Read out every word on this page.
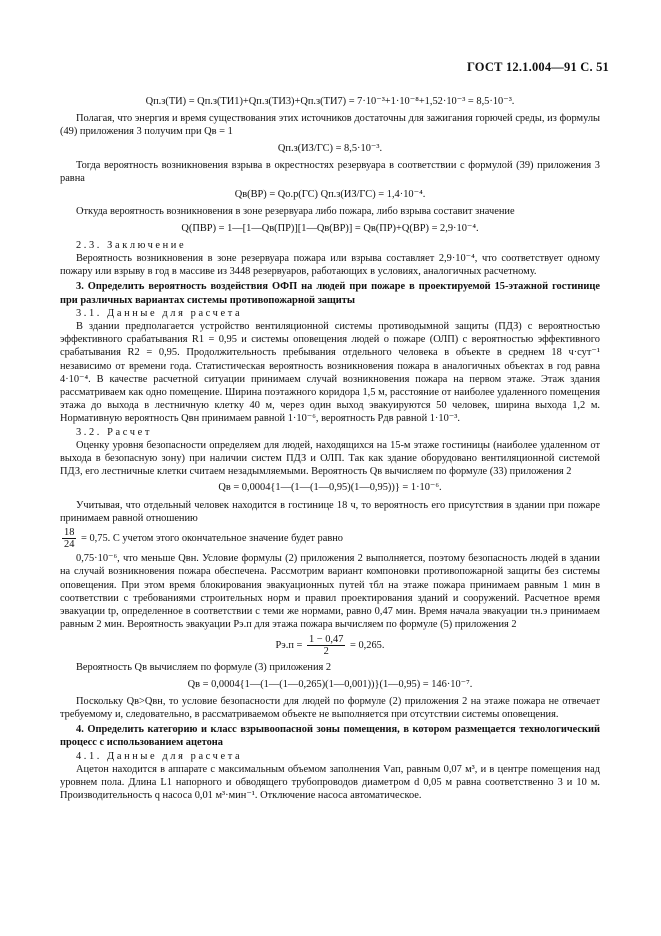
ГОСТ 12.1.004—91 С. 51

Qп.з(ТИ) = Qп.з(ТИ1)+Qп.з(ТИ3)+Qп.з(ТИ7) = 7·10⁻³+1·10⁻⁸+1,52·10⁻³ = 8,5·10⁻³.

Полагая, что энергия и время существования этих источников достаточны для зажигания горючей среды, из формулы (49) приложения 3 получим при Qв = 1

Qп.з(ИЗ/ГС) = 8,5·10⁻³.

Тогда вероятность возникновения взрыва в окрестностях резервуара в соответствии с формулой (39) приложения 3 равна

Qв(ВР) = Qо.р(ГС) Qп.з(ИЗ/ГС) = 1,4·10⁻⁴.

Откуда вероятность возникновения в зоне резервуара либо пожара, либо взрыва составит значение

Q(ПВР) = 1—[1—Qв(ПР)][1—Qв(ВР)] = Qв(ПР)+Q(ВР) = 2,9·10⁻⁴.

2.3. Заключение

Вероятность возникновения в зоне резервуара пожара или взрыва составляет 2,9·10⁻⁴, что соответствует одному пожару или взрыву в год в массиве из 3448 резервуаров, работающих в условиях, аналогичных расчетному.

3. Определить вероятность воздействия ОФП на людей при пожаре в проектируемой 15-этажной гостинице при различных вариантах системы противопожарной защиты

3.1. Данные для расчета

В здании предполагается устройство вентиляционной системы противодымной защиты (ПДЗ) с вероятностью эффективного срабатывания R1 = 0,95 и системы оповещения людей о пожаре (ОЛП) с вероятностью эффективного срабатывания R2 = 0,95. Продолжительность пребывания отдельного человека в объекте в среднем 18 ч·сут⁻¹ независимо от времени года. Статистическая вероятность возникновения пожара в аналогичных объектах в год равна 4·10⁻⁴. В качестве расчетной ситуации принимаем случай возникновения пожара на первом этаже. Этаж здания рассматриваем как одно помещение. Ширина поэтажного коридора 1,5 м, расстояние от наиболее удаленного помещения этажа до выхода в лестничную клетку 40 м, через один выход эвакуируются 50 человек, ширина выхода 1,2 м. Нормативную вероятность Qвн принимаем равной 1·10⁻⁶, вероятность Pдв равной 1·10⁻³.

3.2. Расчет

Оценку уровня безопасности определяем для людей, находящихся на 15-м этаже гостиницы (наиболее удаленном от выхода в безопасную зону) при наличии систем ПДЗ и ОЛП. Так как здание оборудовано вентиляционной системой ПДЗ, его лестничные клетки считаем незадымляемыми. Вероятность Qв вычисляем по формуле (33) приложения 2

Qв = 0,0004{1—(1—(1—0,95)(1—0,95))} = 1·10⁻⁶.

Учитывая, что отдельный человек находится в гостинице 18 ч, то вероятность его присутствия в здании при пожаре принимаем равной отношению

$\frac{18}{24} = 0,75$. С учетом этого окончательное значение будет равно

0,75·10⁻⁶, что меньше Qвн. Условие формулы (2) приложения 2 выполняется, поэтому безопасность людей в здании на случай возникновения пожара обеспечена. Рассмотрим вариант компоновки противопожарной защиты без системы оповещения. При этом время блокирования эвакуационных путей τбл на этаже пожара принимаем равным 1 мин в соответствии с требованиями строительных норм и правил проектирования зданий и сооружений. Расчетное время эвакуации tр, определенное в соответствии с теми же нормами, равно 0,47 мин. Время начала эвакуации τн.э принимаем равным 2 мин. Вероятность эвакуации Pэ.п для этажа пожара вычисляем по формуле (5) приложения 2

$Pэ.п = \frac{1 - 0,47}{2} = 0,265$.

Вероятность Qв вычисляем по формуле (3) приложения 2

Qв = 0,0004{1—(1—(1—0,265)(1—0,001))}(1—0,95) = 146·10⁻⁷.

Поскольку Qв>Qвн, то условие безопасности для людей по формуле (2) приложения 2 на этаже пожара не отвечает требуемому и, следовательно, в рассматриваемом объекте не выполняется при отсутствии системы оповещения.

4. Определить категорию и класс взрывоопасной зоны помещения, в котором размещается технологический процесс с использованием ацетона

4.1. Данные для расчета

Ацетон находится в аппарате с максимальным объемом заполнения Vап, равным 0,07 м³, и в центре помещения над уровнем пола. Длина L1 напорного и обводящего трубопроводов диаметром d 0,05 м равна соответственно 3 и 10 м. Производительность q насоса 0,01 м³·мин⁻¹. Отключение насоса автоматическое.
